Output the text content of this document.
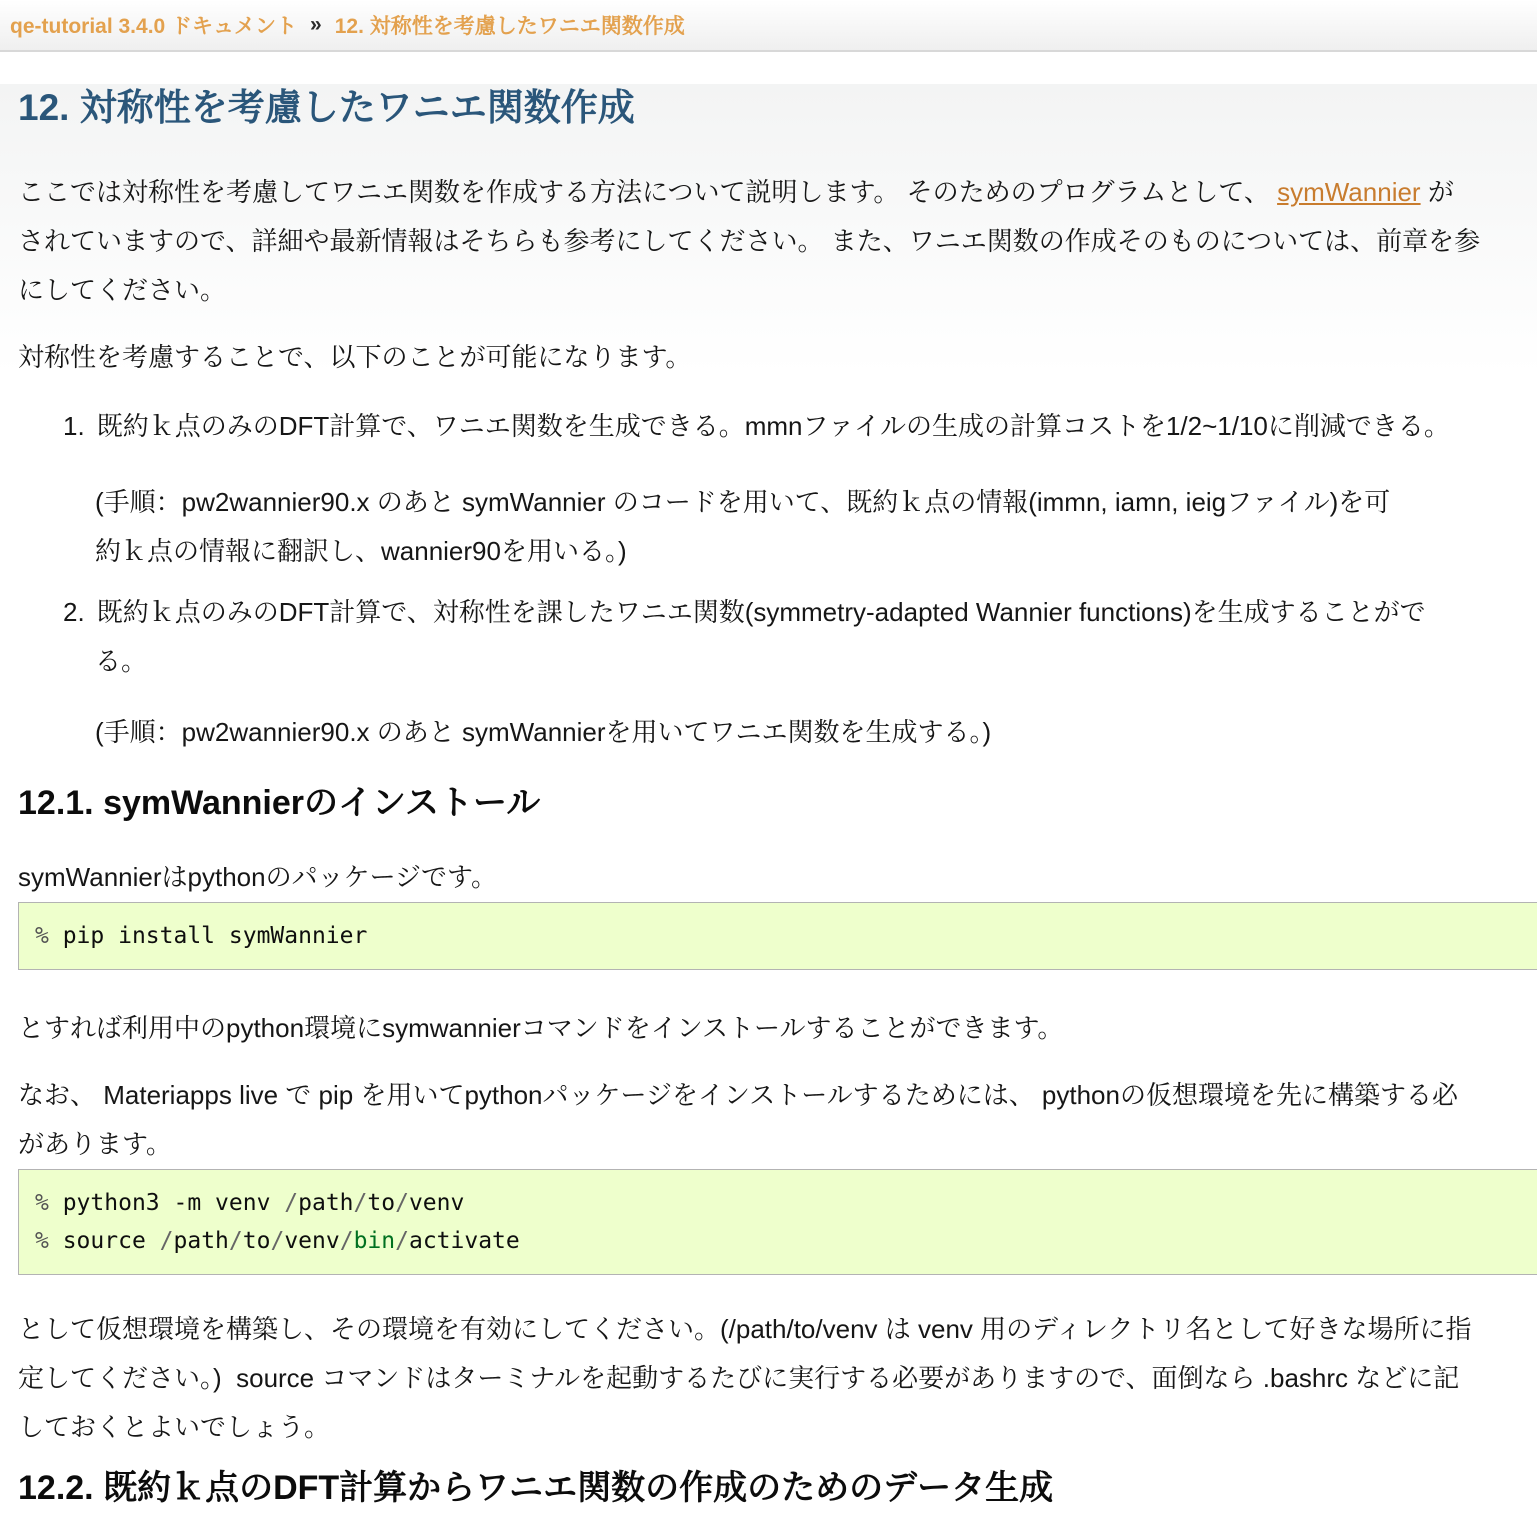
qe-tutorial 3.4.0 ドキュメント » 12. 対称性を考慮したワニエ関数作成
12. 対称性を考慮したワニエ関数作成
ここでは対称性を考慮してワニエ関数を作成する方法について説明します。 そのためのプログラムとして、 symWannier が
されていますので、詳細や最新情報はそちらも参考にしてください。 また、ワニエ関数の作成そのものについては、前章を参
にしてください。
対称性を考慮することで、以下のことが可能になります。
1. 既約ｋ点のみのDFT計算で、ワニエ関数を生成できる。mmnファイルの生成の計算コストを1/2~1/10に削減できる。
(手順：pw2wannier90.x のあと symWannier のコードを用いて、既約ｋ点の情報(immn, iamn, ieigファイル)を可
約ｋ点の情報に翻訳し、wannier90を用いる。)
2. 既約ｋ点のみのDFT計算で、対称性を課したワニエ関数(symmetry-adapted Wannier functions)を生成することがで
る。
(手順：pw2wannier90.x のあと symWannierを用いてワニエ関数を生成する。)
12.1. symWannierのインストール
symWannierはpythonのパッケージです。
% pip install symWannier
とすれば利用中のpython環境にsymwannierコマンドをインストールすることができます。
なお、 Materiapps live で pip を用いてpythonパッケージをインストールするためには、 pythonの仮想環境を先に構築する必
があります。
% python3 -m venv /path/to/venv
% source /path/to/venv/bin/activate
として仮想環境を構築し、その環境を有効にしてください。(/path/to/venv は venv 用のディレクトリ名として好きな場所に指
定してください。)  source コマンドはターミナルを起動するたびに実行する必要がありますので、面倒なら .bashrc などに記
しておくとよいでしょう。
12.2. 既約ｋ点のDFT計算からワニエ関数の作成のためのデータ生成
